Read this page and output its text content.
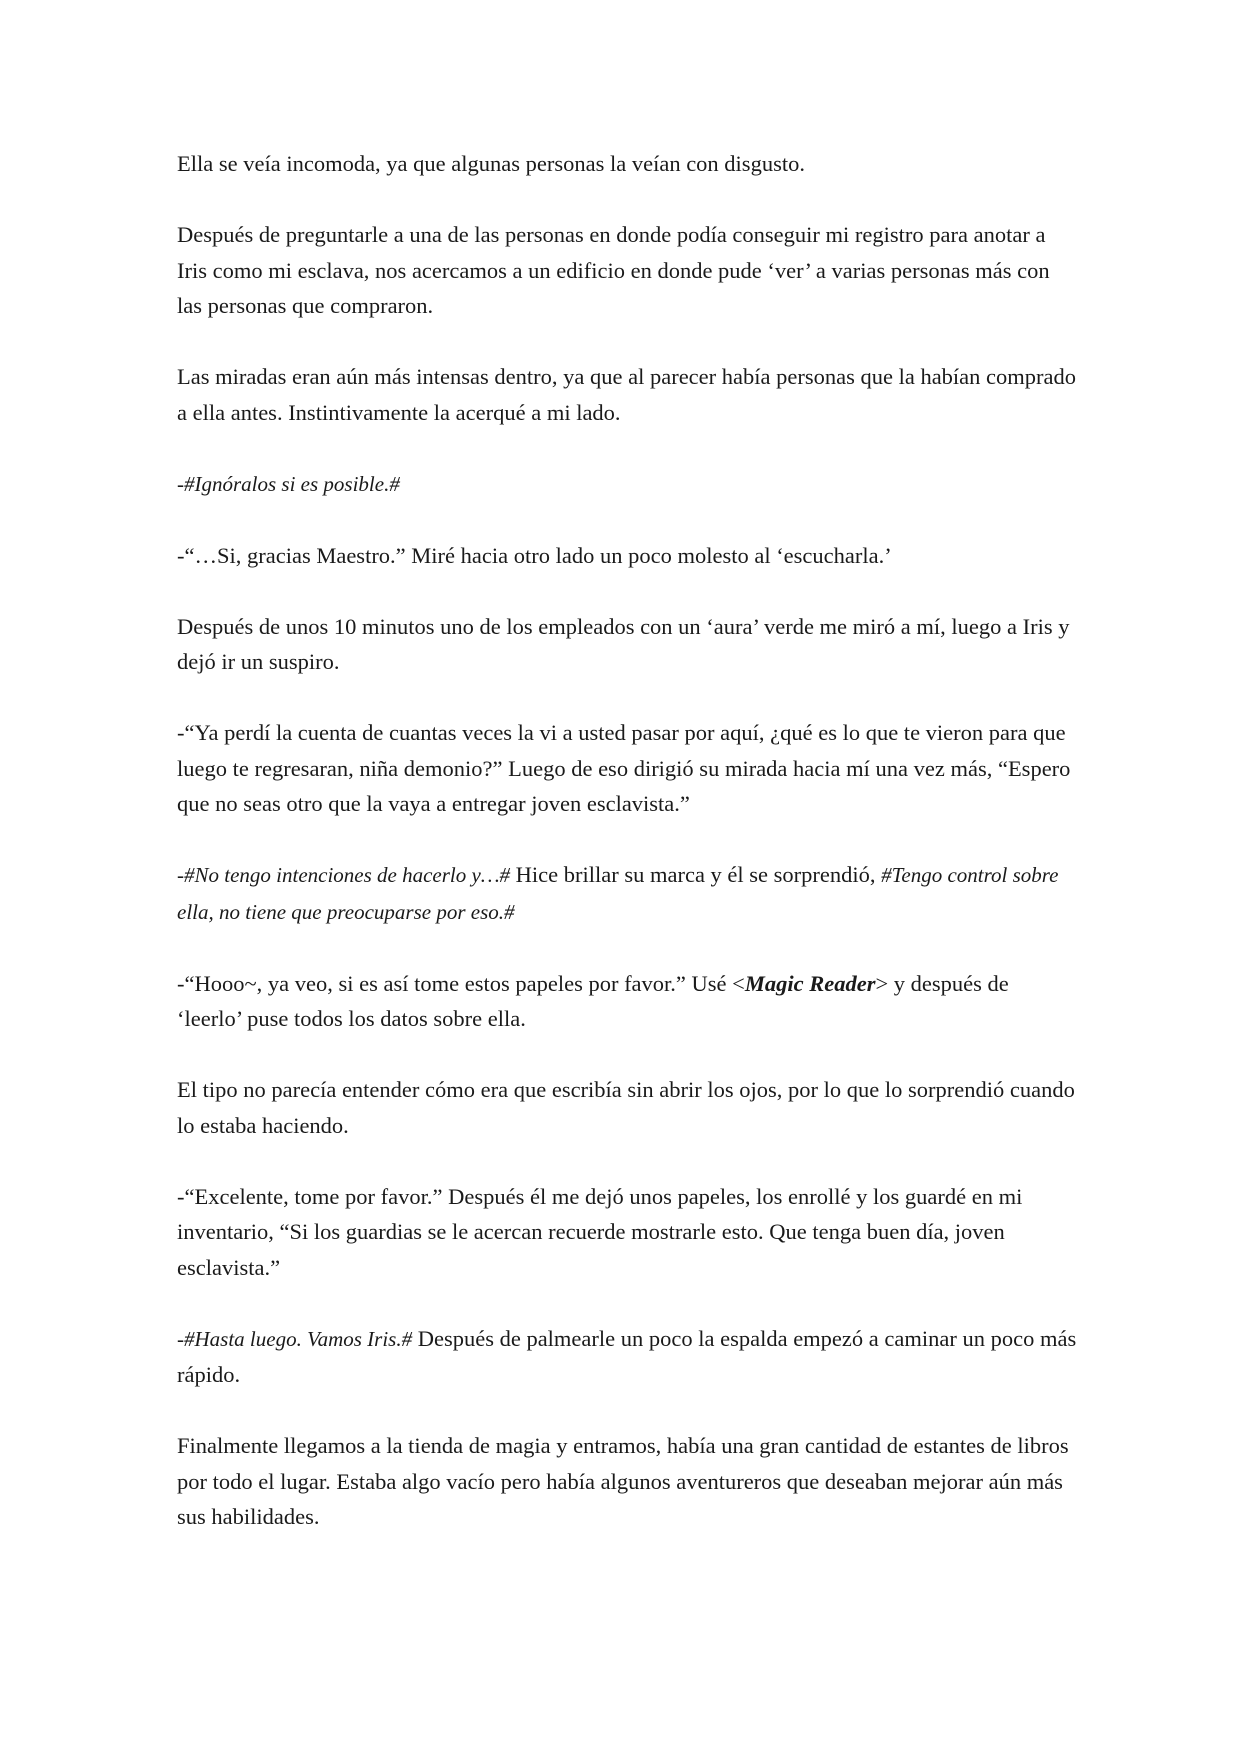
Ella se veía incomoda, ya que algunas personas la veían con disgusto.

Después de preguntarle a una de las personas en donde podía conseguir mi registro para anotar a Iris como mi esclava, nos acercamos a un edificio en donde pude ‘ver’ a varias personas más con las personas que compraron.

Las miradas eran aún más intensas dentro, ya que al parecer había personas que la habían comprado a ella antes. Instintivamente la acerqué a mi lado.

-#Ignóralos si es posible.#

-“…Si, gracias Maestro.” Miré hacia otro lado un poco molesto al ‘escucharla.’

Después de unos 10 minutos uno de los empleados con un ‘aura’ verde me miró a mí, luego a Iris y dejó ir un suspiro.

-“Ya perdí la cuenta de cuantas veces la vi a usted pasar por aquí, ¿qué es lo que te vieron para que luego te regresaran, niña demonio?” Luego de eso dirigió su mirada hacia mí una vez más, “Espero que no seas otro que la vaya a entregar joven esclavista.”

-#No tengo intenciones de hacerlo y…# Hice brillar su marca y él se sorprendió, #Tengo control sobre ella, no tiene que preocuparse por eso.#

-“Hooo~, ya veo, si es así tome estos papeles por favor.” Usé <Magic Reader> y después de ‘leerlo’ puse todos los datos sobre ella.

El tipo no parecía entender cómo era que escribía sin abrir los ojos, por lo que lo sorprendió cuando lo estaba haciendo.

-“Excelente, tome por favor.” Después él me dejó unos papeles, los enrollé y los guardé en mi inventario, “Si los guardias se le acercan recuerde mostrarle esto. Que tenga buen día, joven esclavista.”

-#Hasta luego. Vamos Iris.# Después de palmearle un poco la espalda empezó a caminar un poco más rápido.

Finalmente llegamos a la tienda de magia y entramos, había una gran cantidad de estantes de libros por todo el lugar. Estaba algo vacío pero había algunos aventureros que deseaban mejorar aún más sus habilidades.
